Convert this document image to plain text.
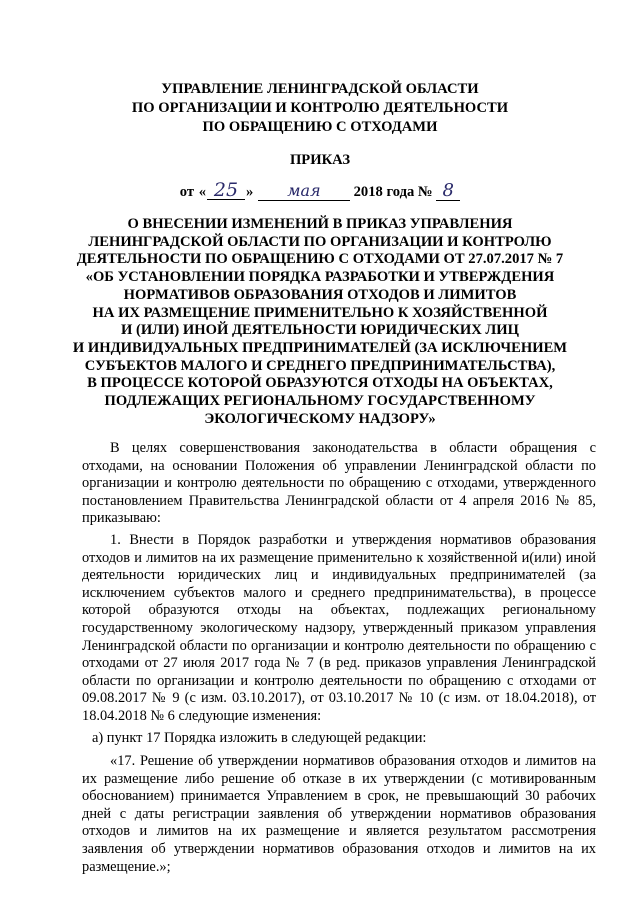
УПРАВЛЕНИЕ ЛЕНИНГРАДСКОЙ ОБЛАСТИ
ПО ОРГАНИЗАЦИИ И КОНТРОЛЮ ДЕЯТЕЛЬНОСТИ
ПО ОБРАЩЕНИЮ С ОТХОДАМИ
ПРИКАЗ
от « 25 » мая 2018 года № 8
О ВНЕСЕНИИ ИЗМЕНЕНИЙ В ПРИКАЗ УПРАВЛЕНИЯ
ЛЕНИНГРАДСКОЙ ОБЛАСТИ ПО ОРГАНИЗАЦИИ И КОНТРОЛЮ
ДЕЯТЕЛЬНОСТИ ПО ОБРАЩЕНИЮ С ОТХОДАМИ ОТ 27.07.2017 № 7
«ОБ УСТАНОВЛЕНИИ ПОРЯДКА РАЗРАБОТКИ И УТВЕРЖДЕНИЯ
НОРМАТИВОВ ОБРАЗОВАНИЯ ОТХОДОВ И ЛИМИТОВ
НА ИХ РАЗМЕЩЕНИЕ ПРИМЕНИТЕЛЬНО К ХОЗЯЙСТВЕННОЙ
И (ИЛИ) ИНОЙ ДЕЯТЕЛЬНОСТИ ЮРИДИЧЕСКИХ ЛИЦ
И ИНДИВИДУАЛЬНЫХ ПРЕДПРИНИМАТЕЛЕЙ (ЗА ИСКЛЮЧЕНИЕМ
СУБЪЕКТОВ МАЛОГО И СРЕДНЕГО ПРЕДПРИНИМАТЕЛЬСТВА),
В ПРОЦЕССЕ КОТОРОЙ ОБРАЗУЮТСЯ ОТХОДЫ НА ОБЪЕКТАХ,
ПОДЛЕЖАЩИХ РЕГИОНАЛЬНОМУ ГОСУДАРСТВЕННОМУ
ЭКОЛОГИЧЕСКОМУ НАДЗОРУ»

В целях совершенствования законодательства в области обращения с отходами, на основании Положения об управлении Ленинградской области по организации и контролю деятельности по обращению с отходами, утвержденного постановлением Правительства Ленинградской области от 4 апреля 2016 № 85, приказываю:

1. Внести в Порядок разработки и утверждения нормативов образования отходов и лимитов на их размещение применительно к хозяйственной и(или) иной деятельности юридических лиц и индивидуальных предпринимателей (за исключением субъектов малого и среднего предпринимательства), в процессе которой образуются отходы на объектах, подлежащих региональному государственному экологическому надзору, утвержденный приказом управления Ленинградской области по организации и контролю деятельности по обращению с отходами от 27 июля 2017 года № 7 (в ред. приказов управления Ленинградской области по организации и контролю деятельности по обращению с отходами от 09.08.2017 № 9 (с изм. 03.10.2017), от 03.10.2017 № 10 (с изм. от 18.04.2018), от 18.04.2018 № 6 следующие изменения:

а) пункт 17 Порядка изложить в следующей редакции:

«17. Решение об утверждении нормативов образования отходов и лимитов на их размещение либо решение об отказе в их утверждении (с мотивированным обоснованием) принимается Управлением в срок, не превышающий 30 рабочих дней с даты регистрации заявления об утверждении нормативов образования отходов и лимитов на их размещение и является результатом рассмотрения заявления об утверждении нормативов образования отходов и лимитов на их размещение.»;
